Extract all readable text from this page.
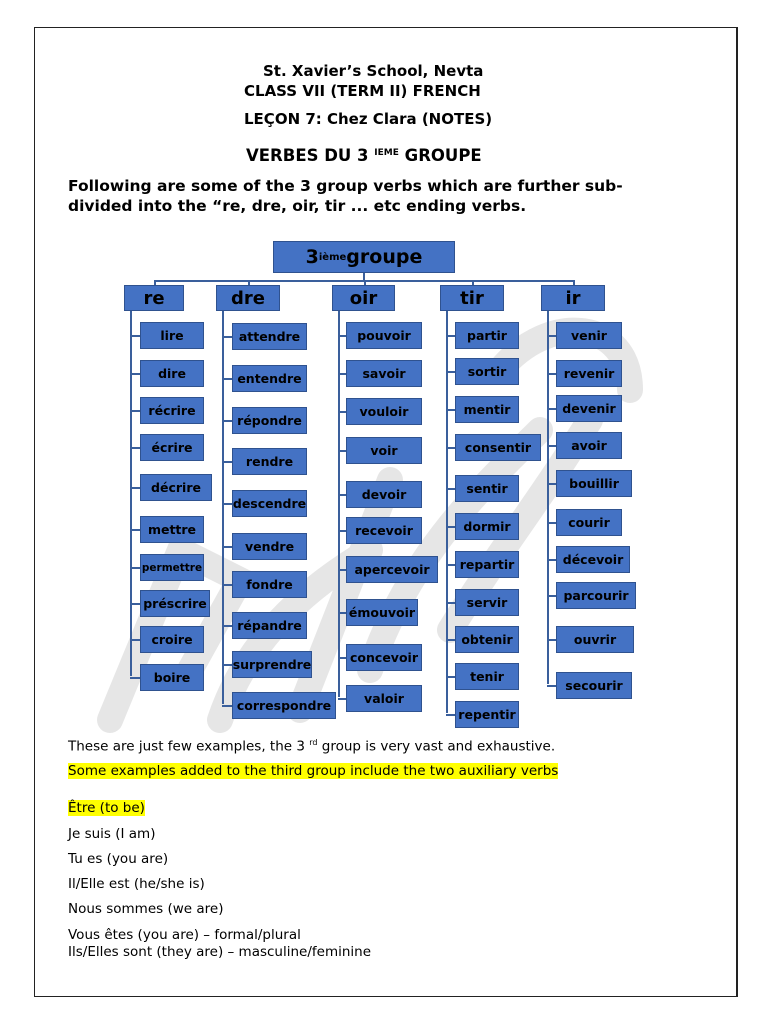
St. Xavier’s School, Nevta
CLASS VII (TERM II) FRENCH
LEÇON 7: Chez Clara (NOTES)
VERBES DU 3 $^{IEME}$ GROUPE
Following are some of the 3 group verbs which are further sub-divided into the “re, dre, oir, tir ... etc ending verbs.
3 ième groupe
re
lire
dire
récrire
écrire
décrire
mettre
permettre
préscrire
croire
boire
dre
attendre
entendre
répondre
rendre
descendre
vendre
fondre
répandre
surprendre
correspondre
oir
pouvoir
savoir
vouloir
voir
devoir
recevoir
apercevoir
émouvoir
concevoir
valoir
tir
partir
sortir
mentir
consentir
sentir
dormir
repartir
servir
obtenir
tenir
repentir
ir
venir
revenir
devenir
avoir
bouillir
courir
décevoir
parcourir
ouvrir
secourir
These are just few examples, the 3 $^{rd}$ group is very vast and exhaustive.
Some examples added to the third group include the two auxiliary verbs
Être (to be)
Je suis (I am)
Tu es (you are)
Il/Elle est (he/she is)
Nous sommes (we are)
Vous êtes (you are) – formal/plural
Ils/Elles sont (they are) – masculine/feminine
